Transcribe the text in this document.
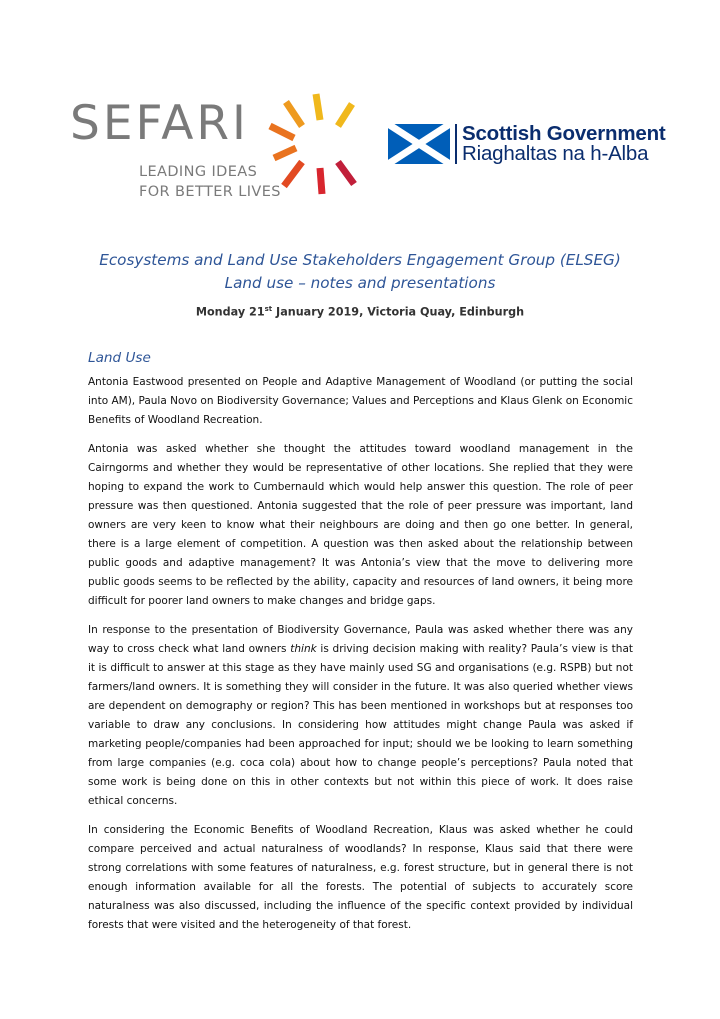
SEFARI
LEADING IDEAS
FOR BETTER LIVES
Scottish Government
Riaghaltas na h-Alba
Ecosystems and Land Use Stakeholders Engagement Group (ELSEG)
Land use – notes and presentations
Monday 21st January 2019, Victoria Quay, Edinburgh
Land Use

Antonia Eastwood presented on People and Adaptive Management of Woodland (or putting the social into AM), Paula Novo on Biodiversity Governance; Values and Perceptions and Klaus Glenk on Economic Benefits of Woodland Recreation.

Antonia was asked whether she thought the attitudes toward woodland management in the Cairngorms and whether they would be representative of other locations. She replied that they were hoping to expand the work to Cumbernauld which would help answer this question. The role of peer pressure was then questioned. Antonia suggested that the role of peer pressure was important, land owners are very keen to know what their neighbours are doing and then go one better. In general, there is a large element of competition. A question was then asked about the relationship between public goods and adaptive management? It was Antonia’s view that the move to delivering more public goods seems to be reflected by the ability, capacity and resources of land owners, it being more difficult for poorer land owners to make changes and bridge gaps.

In response to the presentation of Biodiversity Governance, Paula was asked whether there was any way to cross check what land owners think is driving decision making with reality? Paula’s view is that it is difficult to answer at this stage as they have mainly used SG and organisations (e.g. RSPB) but not farmers/land owners. It is something they will consider in the future. It was also queried whether views are dependent on demography or region? This has been mentioned in workshops but at responses too variable to draw any conclusions. In considering how attitudes might change Paula was asked if marketing people/companies had been approached for input; should we be looking to learn something from large companies (e.g. coca cola) about how to change people’s perceptions? Paula noted that some work is being done on this in other contexts but not within this piece of work. It does raise ethical concerns.

In considering the Economic Benefits of Woodland Recreation, Klaus was asked whether he could compare perceived and actual naturalness of woodlands? In response, Klaus said that there were strong correlations with some features of naturalness, e.g. forest structure, but in general there is not enough information available for all the forests. The potential of subjects to accurately score naturalness was also discussed, including the influence of the specific context provided by individual forests that were visited and the heterogeneity of that forest.
